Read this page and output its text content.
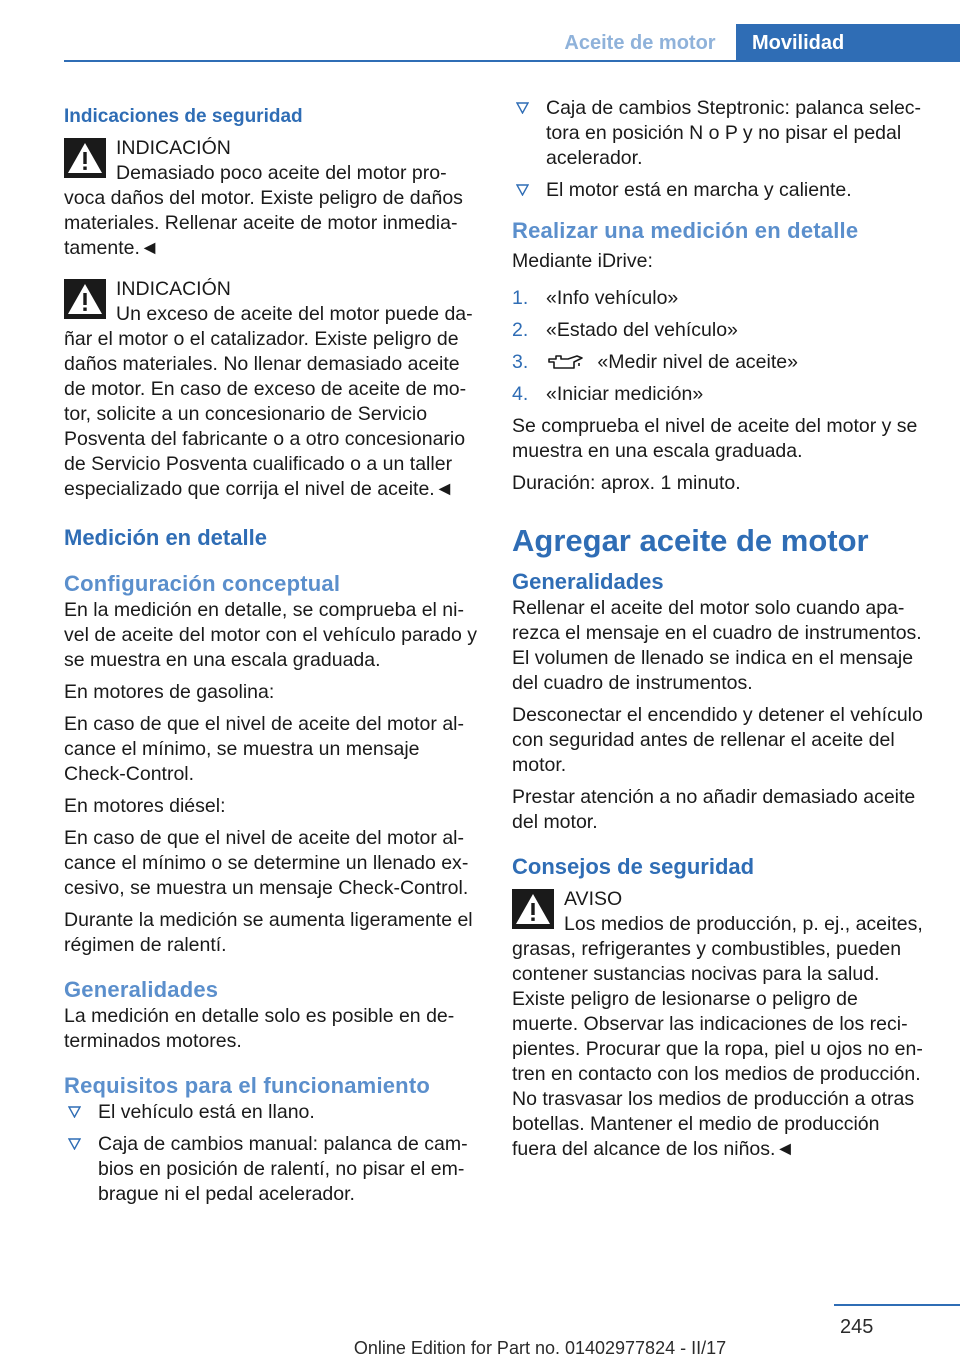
Aceite de motor	Movilidad
Indicaciones de seguridad
INDICACIÓN
Demasiado poco aceite del motor provoca daños del motor. Existe peligro de daños materiales. Rellenar aceite de motor inmediatamente.◄
INDICACIÓN
Un exceso de aceite del motor puede dañar el motor o el catalizador. Existe peligro de daños materiales. No llenar demasiado aceite de motor. En caso de exceso de aceite de motor, solicite a un concesionario de Servicio Posventa del fabricante o a otro concesionario de Servicio Posventa cualificado o a un taller especializado que corrija el nivel de aceite.◄
Medición en detalle
Configuración conceptual

En la medición en detalle, se comprueba el nivel de aceite del motor con el vehículo parado y se muestra en una escala graduada.

En motores de gasolina:

En caso de que el nivel de aceite del motor alcance el mínimo, se muestra un mensaje Check-Control.

En motores diésel:

En caso de que el nivel de aceite del motor alcance el mínimo o se determine un llenado excesivo, se muestra un mensaje Check-Control.

Durante la medición se aumenta ligeramente el régimen de ralentí.

Generalidades

La medición en detalle solo es posible en determinados motores.

Requisitos para el funcionamiento
El vehículo está en llano.
Caja de cambios manual: palanca de cambios en posición de ralentí, no pisar el embrague ni el pedal acelerador.
Caja de cambios Steptronic: palanca selectora en posición N o P y no pisar el pedal acelerador.
El motor está en marcha y caliente.
Realizar una medición en detalle

Mediante iDrive:

1. «Info vehículo»
2. «Estado del vehículo»
3.	«Medir nivel de aceite»
4. «Iniciar medición»

Se comprueba el nivel de aceite del motor y se muestra en una escala graduada.

Duración: aprox. 1 minuto.

Agregar aceite de motor
Generalidades

Rellenar el aceite del motor solo cuando aparezca el mensaje en el cuadro de instrumentos. El volumen de llenado se indica en el mensaje del cuadro de instrumentos.

Desconectar el encendido y detener el vehículo con seguridad antes de rellenar el aceite del motor.

Prestar atención a no añadir demasiado aceite del motor.

Consejos de seguridad
AVISO
Los medios de producción, p. ej., aceites, grasas, refrigerantes y combustibles, pueden contener sustancias nocivas para la salud. Existe peligro de lesionarse o peligro de muerte. Observar las indicaciones de los recipientes. Procurar que la ropa, piel u ojos no entren en contacto con los medios de producción. No trasvasar los medios de producción a otras botellas. Mantener el medio de producción fuera del alcance de los niños.◄
245
Online Edition for Part no. 01402977824 - II/17
